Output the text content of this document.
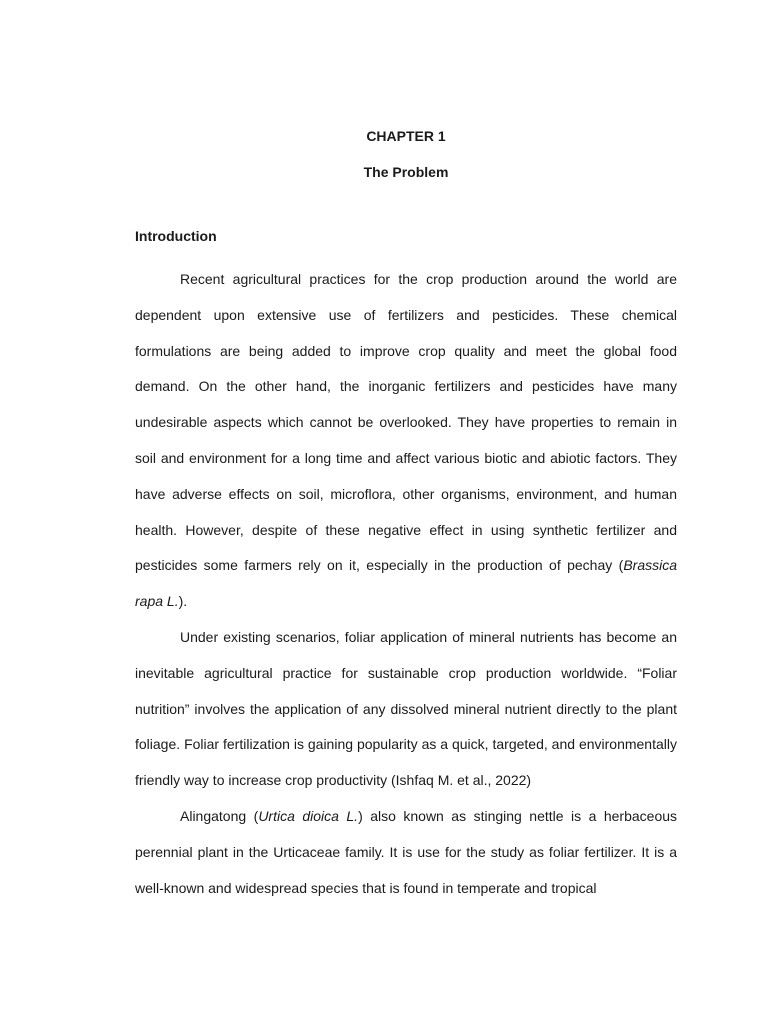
CHAPTER 1
The Problem
Introduction

Recent agricultural practices for the crop production around the world are dependent upon extensive use of fertilizers and pesticides. These chemical formulations are being added to improve crop quality and meet the global food demand. On the other hand, the inorganic fertilizers and pesticides have many undesirable aspects which cannot be overlooked. They have properties to remain in soil and environment for a long time and affect various biotic and abiotic factors. They have adverse effects on soil, microflora, other organisms, environment, and human health. However, despite of these negative effect in using synthetic fertilizer and pesticides some farmers rely on it, especially in the production of pechay (Brassica rapa L.).

Under existing scenarios, foliar application of mineral nutrients has become an inevitable agricultural practice for sustainable crop production worldwide. “Foliar nutrition” involves the application of any dissolved mineral nutrient directly to the plant foliage. Foliar fertilization is gaining popularity as a quick, targeted, and environmentally friendly way to increase crop productivity (Ishfaq M. et al., 2022)

Alingatong (Urtica dioica L.) also known as stinging nettle is a herbaceous perennial plant in the Urticaceae family. It is use for the study as foliar fertilizer. It is a well-known and widespread species that is found in temperate and tropical
